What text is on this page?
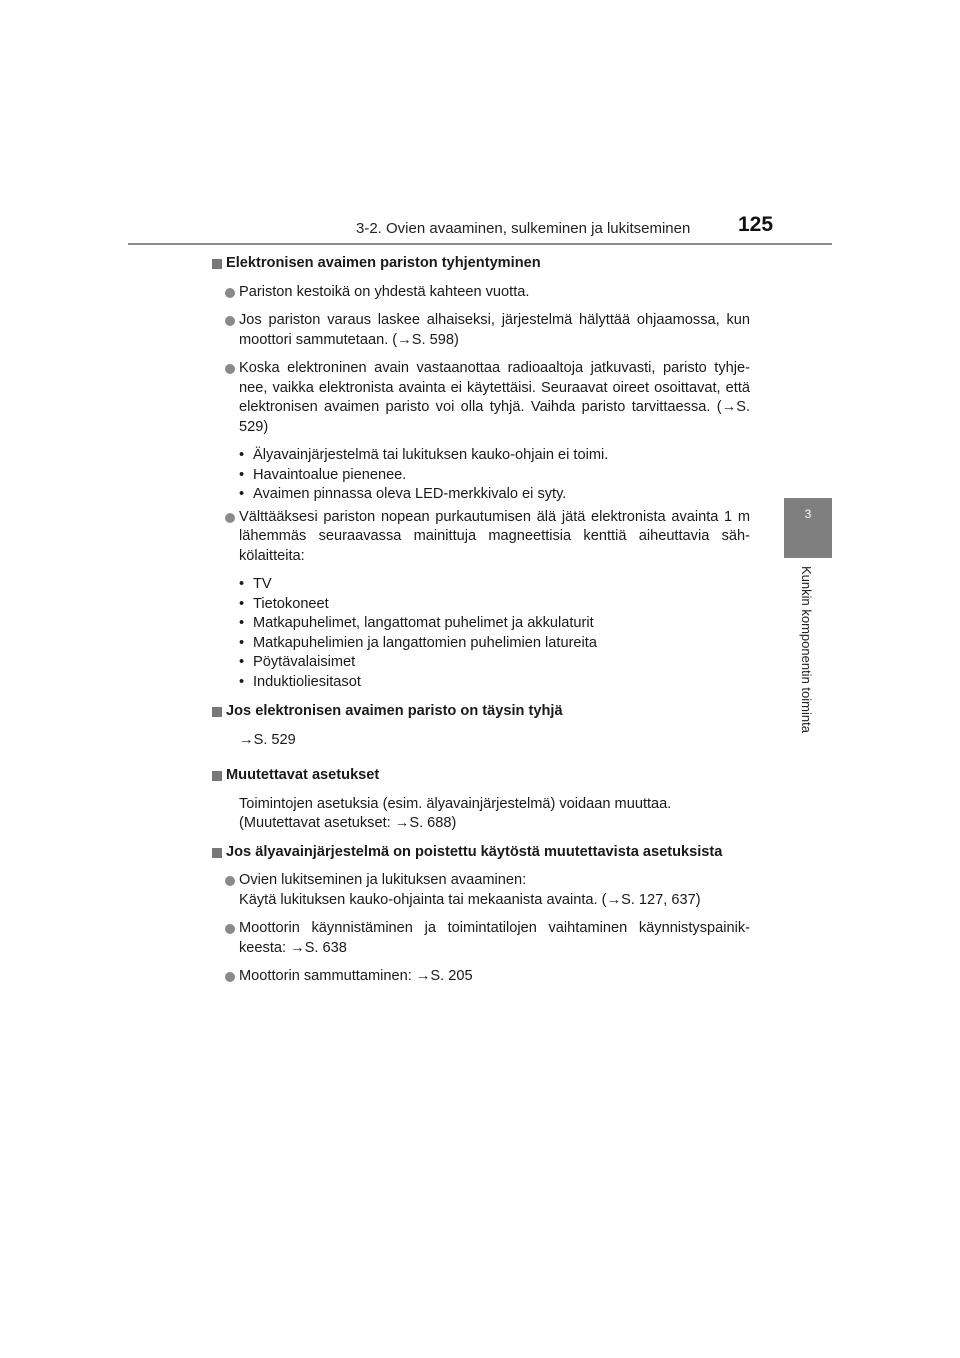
3-2. Ovien avaaminen, sulkeminen ja lukitseminen 125
3
Kunkin komponentin toiminta
Elektronisen avaimen pariston tyhjentyminen
Pariston kestoikä on yhdestä kahteen vuotta.
Jos pariston varaus laskee alhaiseksi, järjestelmä hälyttää ohjaamossa, kun moottori sammutetaan. (→S. 598)
Koska elektroninen avain vastaanottaa radioaaltoja jatkuvasti, paristo tyhje-nee, vaikka elektronista avainta ei käytettäisi. Seuraavat oireet osoittavat, että elektronisen avaimen paristo voi olla tyhjä. Vaihda paristo tarvittaessa. (→S. 529)
• Älyavainjärjestelmä tai lukituksen kauko-ohjain ei toimi.
• Havaintoalue pienenee.
• Avaimen pinnassa oleva LED-merkkivalo ei syty.
Välttääksesi pariston nopean purkautumisen älä jätä elektronista avainta 1 m lähemmäs seuraavassa mainittuja magneettisia kenttiä aiheuttavia säh-kölaitteita:
• TV
• Tietokoneet
• Matkapuhelimet, langattomat puhelimet ja akkulaturit
• Matkapuhelimien ja langattomien puhelimien latureita
• Pöytävalaisimet
• Induktioliesitasot
Jos elektronisen avaimen paristo on täysin tyhjä
→S. 529
Muutettavat asetukset
Toimintojen asetuksia (esim. älyavainjärjestelmä) voidaan muuttaa.
(Muutettavat asetukset: →S. 688)
Jos älyavainjärjestelmä on poistettu käytöstä muutettavista asetuksista
Ovien lukitseminen ja lukituksen avaaminen:
Käytä lukituksen kauko-ohjainta tai mekaanista avainta. (→S. 127, 637)
Moottorin käynnistäminen ja toimintatilojen vaihtaminen käynnistyspainik-keesta: →S. 638
Moottorin sammuttaminen: →S. 205
